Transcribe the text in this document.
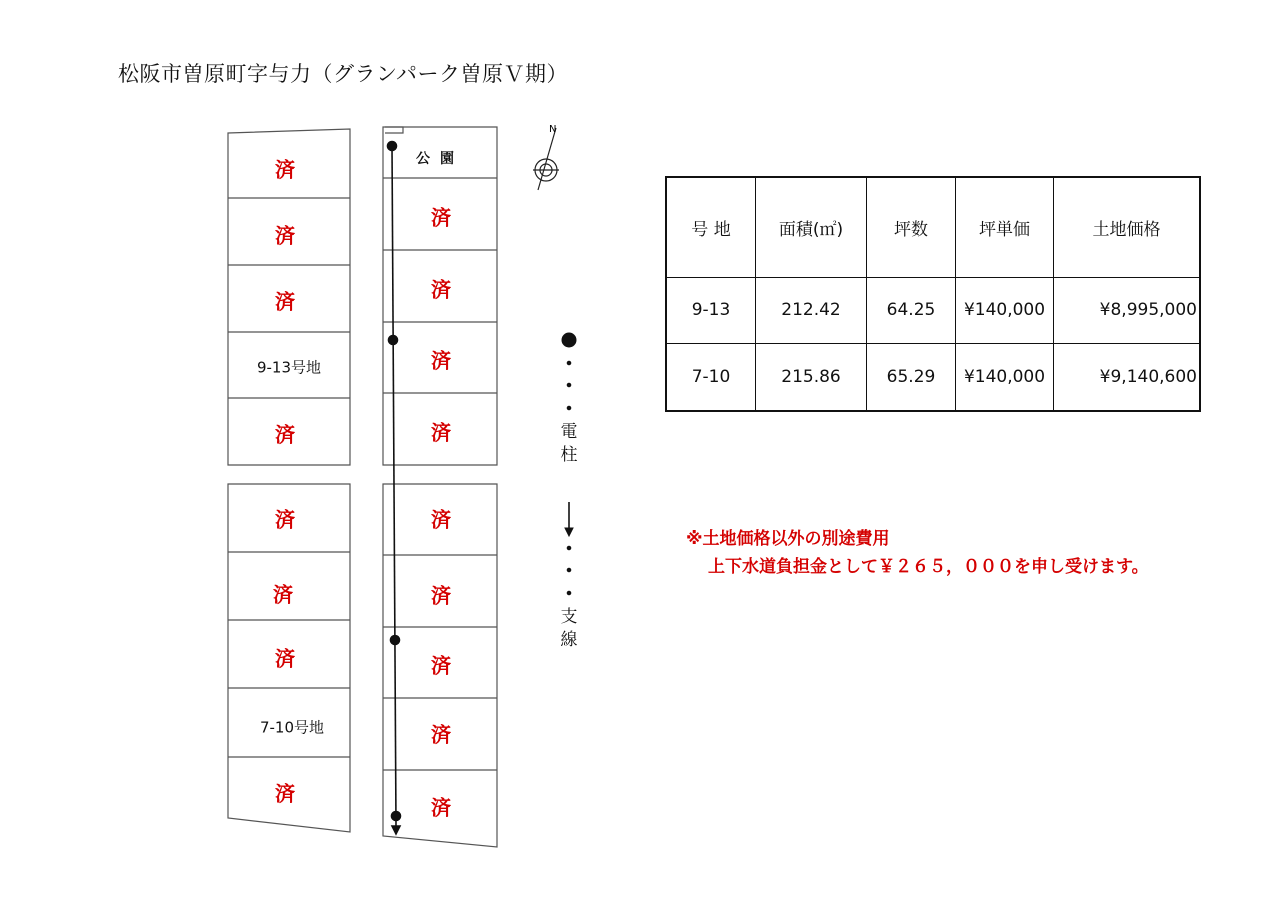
松阪市曽原町字与力（グランパーク曽原Ｖ期）
N
済
済
済
9-13号地
済
済
済
済
7-10号地
済
公園
済
済
済
済
済
済
済
済
済
電
柱
支
線
号 地	面積(㎡)	坪数	坪単価	土地価格
9-13	212.42	64.25	¥140,000	¥8,995,000
7-10	215.86	65.29	¥140,000	¥9,140,600
※土地価格以外の別途費用
上下水道負担金として￥２６５，０００を申し受けます。
